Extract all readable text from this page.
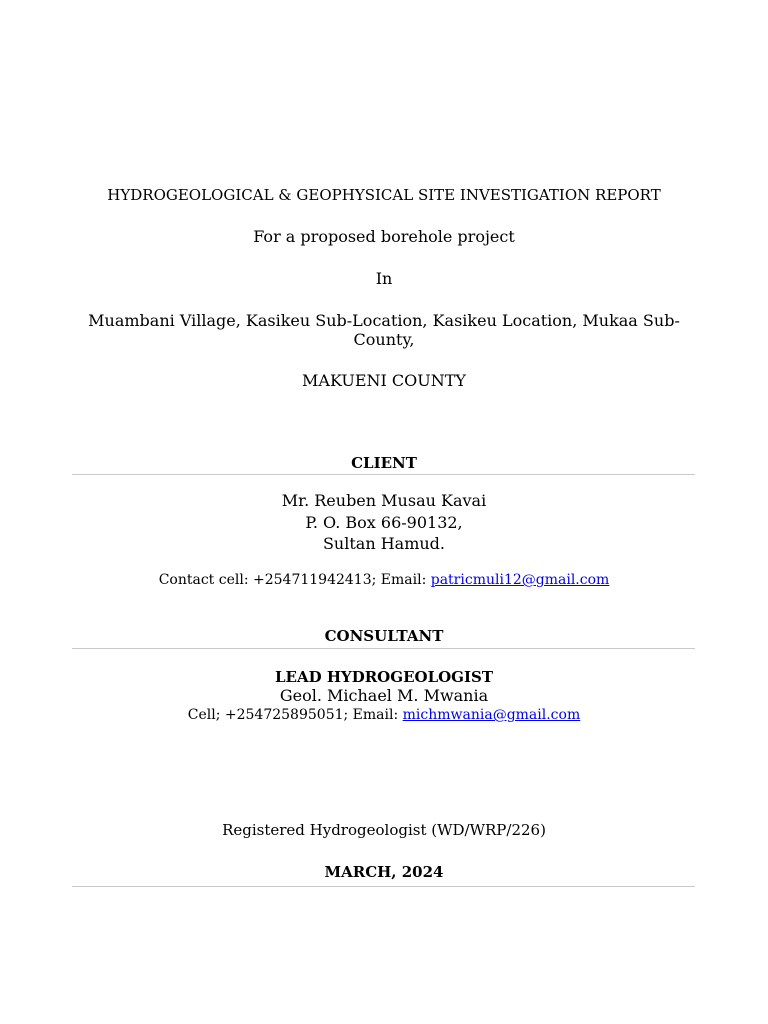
HYDROGEOLOGICAL & GEOPHYSICAL SITE INVESTIGATION REPORT
For a proposed borehole project
In
Muambani Village, Kasikeu Sub-Location, Kasikeu Location, Mukaa Sub-County,
MAKUENI COUNTY
CLIENT
Mr. Reuben Musau Kavai
P. O. Box 66-90132,
Sultan Hamud.
Contact cell: +254711942413; Email: patricmuli12@gmail.com
CONSULTANT
LEAD HYDROGEOLOGIST
Geol. Michael M. Mwania
Cell; +254725895051; Email: michmwania@gmail.com
Registered Hydrogeologist (WD/WRP/226)
MARCH, 2024
